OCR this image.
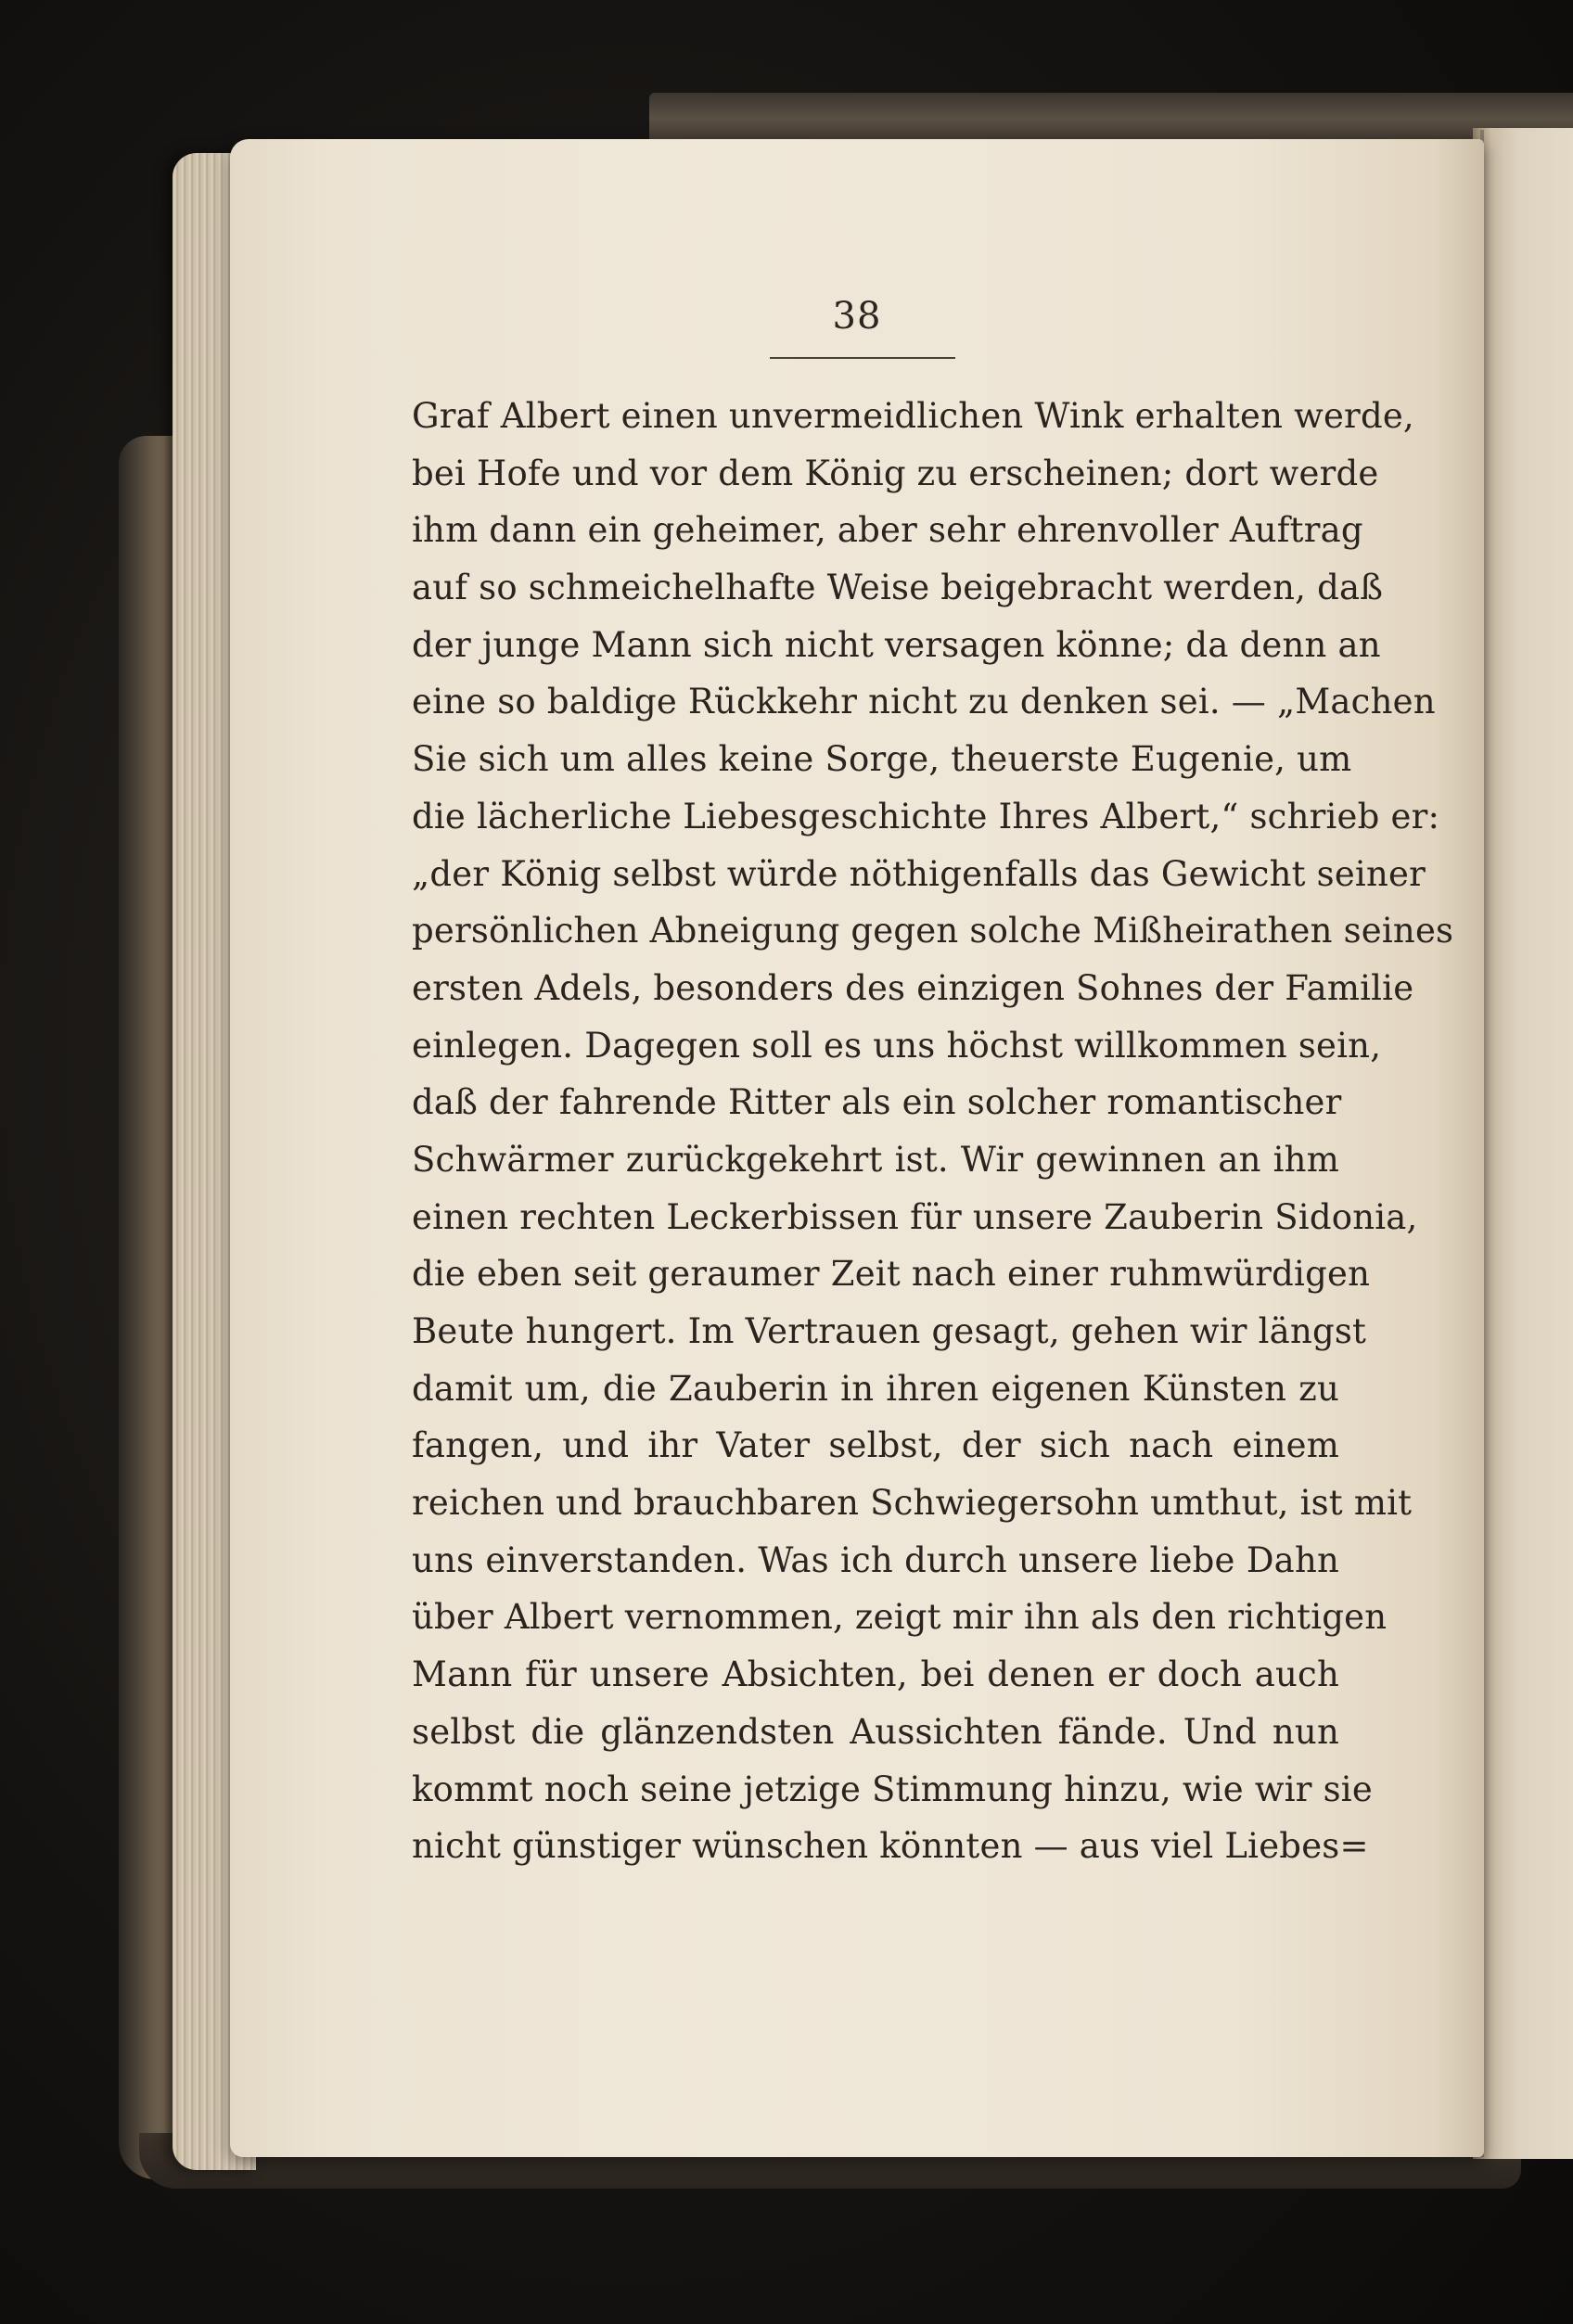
38
Graf Albert einen unvermeidlichen Wink erhalten werde,
bei Hofe und vor dem König zu erscheinen; dort werde
ihm dann ein geheimer, aber sehr ehrenvoller Auftrag
auf so schmeichelhafte Weise beigebracht werden, daß
der junge Mann sich nicht versagen könne; da denn an
eine so baldige Rückkehr nicht zu denken sei. — „Machen
Sie sich um alles keine Sorge, theuerste Eugenie, um
die lächerliche Liebesgeschichte Ihres Albert,“ schrieb er:
„der König selbst würde nöthigenfalls das Gewicht seiner
persönlichen Abneigung gegen solche Mißheirathen seines
ersten Adels, besonders des einzigen Sohnes der Familie
einlegen. Dagegen soll es uns höchst willkommen sein,
daß der fahrende Ritter als ein solcher romantischer
Schwärmer zurückgekehrt ist. Wir gewinnen an ihm
einen rechten Leckerbissen für unsere Zauberin Sidonia,
die eben seit geraumer Zeit nach einer ruhmwürdigen
Beute hungert. Im Vertrauen gesagt, gehen wir längst
damit um, die Zauberin in ihren eigenen Künsten zu
fangen, und ihr Vater selbst, der sich nach einem
reichen und brauchbaren Schwiegersohn umthut, ist mit
uns einverstanden. Was ich durch unsere liebe Dahn
über Albert vernommen, zeigt mir ihn als den richtigen
Mann für unsere Absichten, bei denen er doch auch
selbst die glänzendsten Aussichten fände. Und nun
kommt noch seine jetzige Stimmung hinzu, wie wir sie
nicht günstiger wünschen könnten — aus viel Liebes=
